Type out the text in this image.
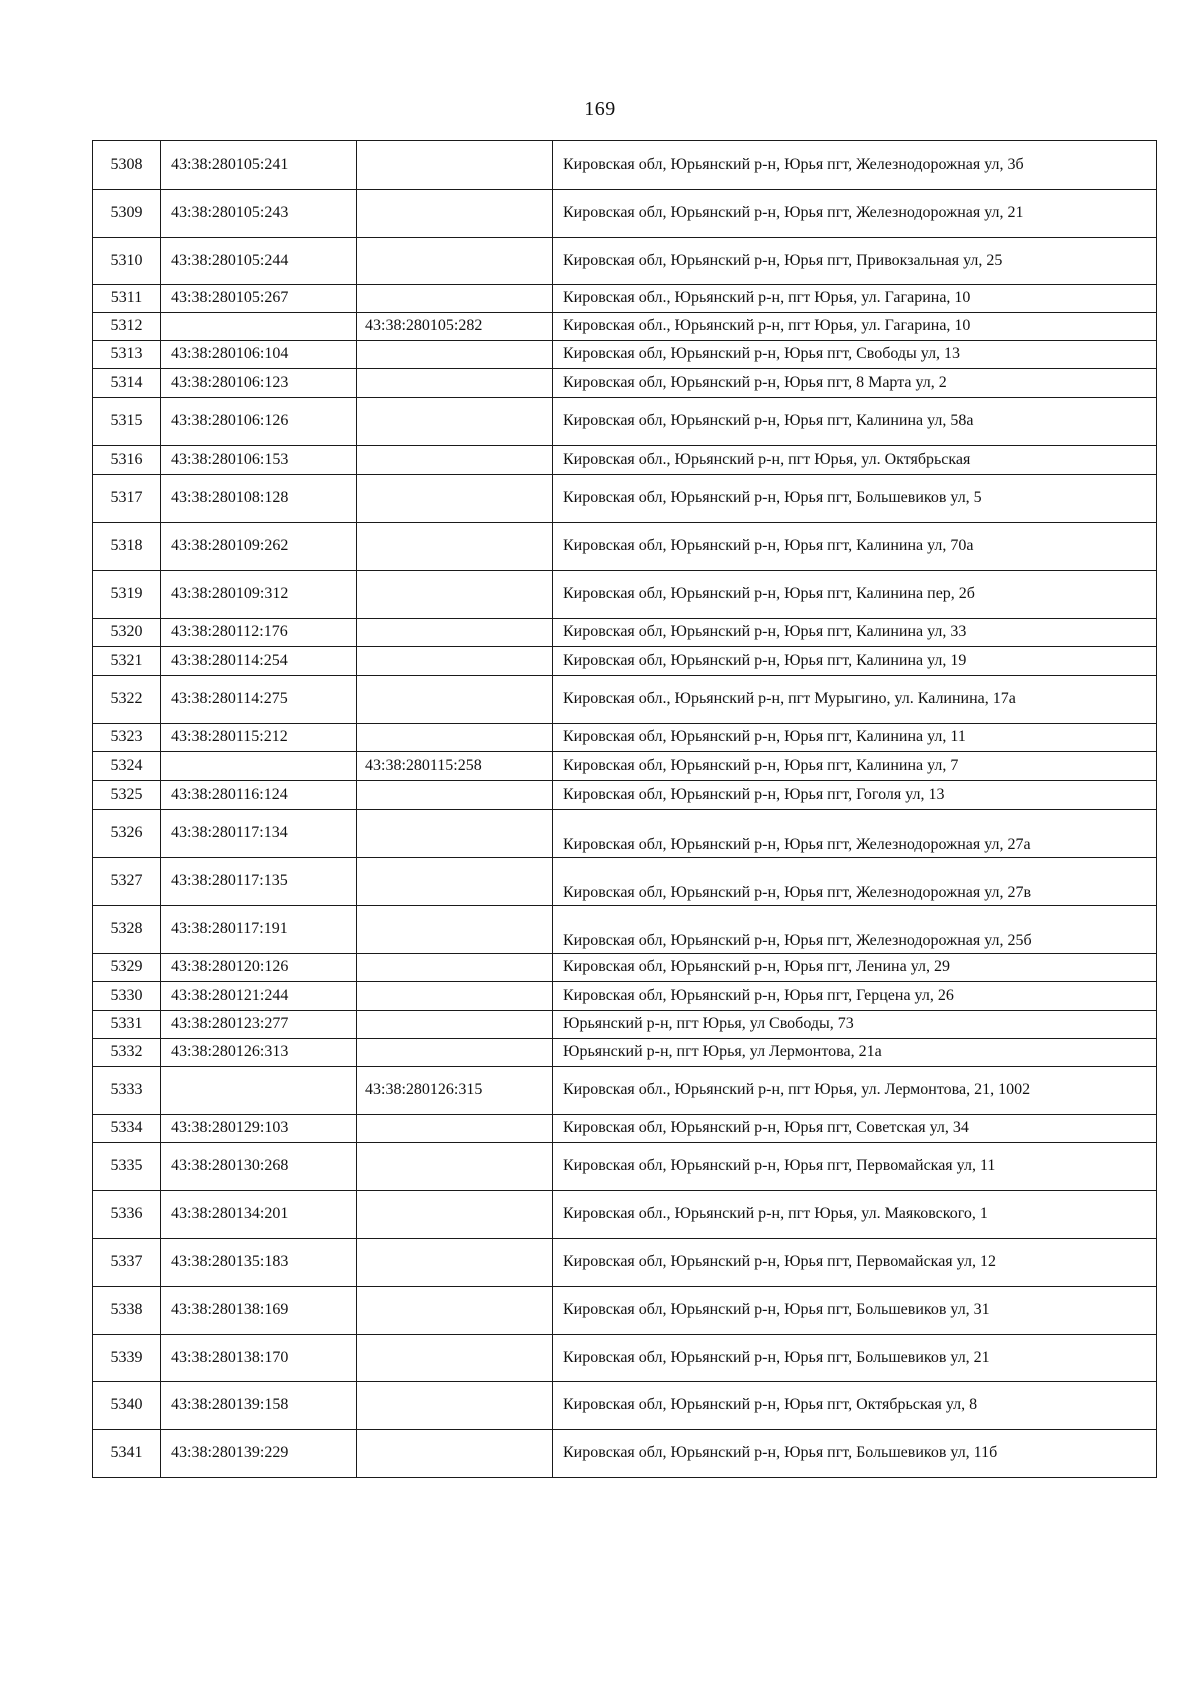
169
5308	43:38:280105:241		Кировская обл, Юрьянский р-н, Юрья пгт, Железнодорожная ул, 3б
5309	43:38:280105:243		Кировская обл, Юрьянский р-н, Юрья пгт, Железнодорожная ул, 21
5310	43:38:280105:244		Кировская обл, Юрьянский р-н, Юрья пгт, Привокзальная ул, 25
5311	43:38:280105:267		Кировская обл., Юрьянский р-н, пгт Юрья, ул. Гагарина, 10
5312		43:38:280105:282	Кировская обл., Юрьянский р-н, пгт Юрья, ул. Гагарина, 10
5313	43:38:280106:104		Кировская обл, Юрьянский р-н, Юрья пгт, Свободы ул, 13
5314	43:38:280106:123		Кировская обл, Юрьянский р-н, Юрья пгт, 8 Марта ул, 2
5315	43:38:280106:126		Кировская обл, Юрьянский р-н, Юрья пгт, Калинина ул, 58а
5316	43:38:280106:153		Кировская обл., Юрьянский р-н, пгт Юрья, ул. Октябрьская
5317	43:38:280108:128		Кировская обл, Юрьянский р-н, Юрья пгт, Большевиков ул, 5
5318	43:38:280109:262		Кировская обл, Юрьянский р-н, Юрья пгт, Калинина ул, 70а
5319	43:38:280109:312		Кировская обл, Юрьянский р-н, Юрья пгт, Калинина пер, 2б
5320	43:38:280112:176		Кировская обл, Юрьянский р-н, Юрья пгт, Калинина ул, 33
5321	43:38:280114:254		Кировская обл, Юрьянский р-н, Юрья пгт, Калинина ул, 19
5322	43:38:280114:275		Кировская обл., Юрьянский р-н, пгт Мурыгино, ул. Калинина, 17а
5323	43:38:280115:212		Кировская обл, Юрьянский р-н, Юрья пгт, Калинина ул, 11
5324		43:38:280115:258	Кировская обл, Юрьянский р-н, Юрья пгт, Калинина ул, 7
5325	43:38:280116:124		Кировская обл, Юрьянский р-н, Юрья пгт, Гоголя ул, 13
5326	43:38:280117:134		Кировская обл, Юрьянский р-н, Юрья пгт, Железнодорожная ул, 27а
5327	43:38:280117:135		Кировская обл, Юрьянский р-н, Юрья пгт, Железнодорожная ул, 27в
5328	43:38:280117:191		Кировская обл, Юрьянский р-н, Юрья пгт, Железнодорожная ул, 25б
5329	43:38:280120:126		Кировская обл, Юрьянский р-н, Юрья пгт, Ленина ул, 29
5330	43:38:280121:244		Кировская обл, Юрьянский р-н, Юрья пгт, Герцена ул, 26
5331	43:38:280123:277		Юрьянский р-н, пгт Юрья, ул Свободы, 73
5332	43:38:280126:313		Юрьянский р-н, пгт Юрья, ул Лермонтова, 21а
5333		43:38:280126:315	Кировская обл., Юрьянский р-н, пгт Юрья, ул. Лермонтова, 21, 1002
5334	43:38:280129:103		Кировская обл, Юрьянский р-н, Юрья пгт, Советская ул, 34
5335	43:38:280130:268		Кировская обл, Юрьянский р-н, Юрья пгт, Первомайская ул, 11
5336	43:38:280134:201		Кировская обл., Юрьянский р-н, пгт Юрья, ул. Маяковского, 1
5337	43:38:280135:183		Кировская обл, Юрьянский р-н, Юрья пгт, Первомайская ул, 12
5338	43:38:280138:169		Кировская обл, Юрьянский р-н, Юрья пгт, Большевиков ул, 31
5339	43:38:280138:170		Кировская обл, Юрьянский р-н, Юрья пгт, Большевиков ул, 21
5340	43:38:280139:158		Кировская обл, Юрьянский р-н, Юрья пгт, Октябрьская ул, 8
5341	43:38:280139:229		Кировская обл, Юрьянский р-н, Юрья пгт, Большевиков ул, 11б
